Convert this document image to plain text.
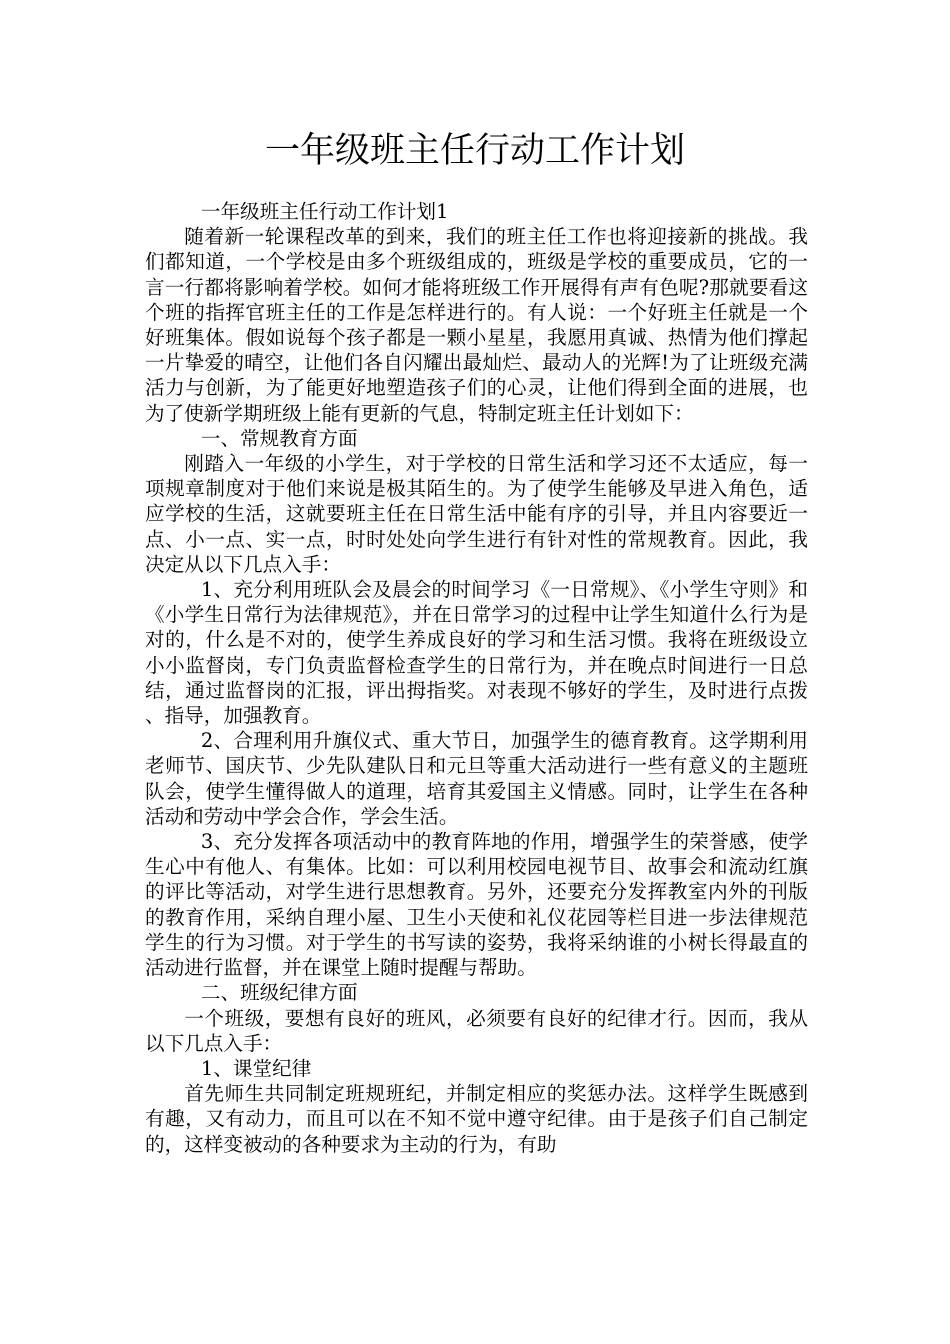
一年级班主任行动工作计划

一年级班主任行动工作计划1

随着新一轮课程改革的到来，我们的班主任工作也将迎接新的挑战。我们都知道，一个学校是由多个班级组成的，班级是学校的重要成员，它的一言一行都将影响着学校。如何才能将班级工作开展得有声有色呢?那就要看这个班的指挥官班主任的工作是怎样进行的。有人说：一个好班主任就是一个好班集体。假如说每个孩子都是一颗小星星，我愿用真诚、热情为他们撑起一片挚爱的晴空，让他们各自闪耀出最灿烂、最动人的光辉!为了让班级充满活力与创新，为了能更好地塑造孩子们的心灵，让他们得到全面的进展，也为了使新学期班级上能有更新的气息，特制定班主任计划如下：

一、常规教育方面

刚踏入一年级的小学生，对于学校的日常生活和学习还不太适应，每一项规章制度对于他们来说是极其陌生的。为了使学生能够及早进入角色，适应学校的生活，这就要班主任在日常生活中能有序的引导，并且内容要近一点、小一点、实一点，时时处处向学生进行有针对性的常规教育。因此，我决定从以下几点入手：

1、充分利用班队会及晨会的时间学习《一日常规》、《小学生守则》和《小学生日常行为法律规范》，并在日常学习的过程中让学生知道什么行为是对的，什么是不对的，使学生养成良好的学习和生活习惯。我将在班级设立小小监督岗，专门负责监督检查学生的日常行为，并在晚点时间进行一日总结，通过监督岗的汇报，评出拇指奖。对表现不够好的学生，及时进行点拨、指导，加强教育。

2、合理利用升旗仪式、重大节日，加强学生的德育教育。这学期利用老师节、国庆节、少先队建队日和元旦等重大活动进行一些有意义的主题班队会，使学生懂得做人的道理，培育其爱国主义情感。同时，让学生在各种活动和劳动中学会合作，学会生活。

3、充分发挥各项活动中的教育阵地的作用，增强学生的荣誉感，使学生心中有他人、有集体。比如：可以利用校园电视节目、故事会和流动红旗的评比等活动，对学生进行思想教育。另外，还要充分发挥教室内外的刊版的教育作用，采纳自理小屋、卫生小天使和礼仪花园等栏目进一步法律规范学生的行为习惯。对于学生的书写读的姿势，我将采纳谁的小树长得最直的活动进行监督，并在课堂上随时提醒与帮助。

二、班级纪律方面

一个班级，要想有良好的班风，必须要有良好的纪律才行。因而，我从以下几点入手：

1、课堂纪律

首先师生共同制定班规班纪，并制定相应的奖惩办法。这样学生既感到有趣，又有动力，而且可以在不知不觉中遵守纪律。由于是孩子们自己制定的，这样变被动的各种要求为主动的行为，有助
